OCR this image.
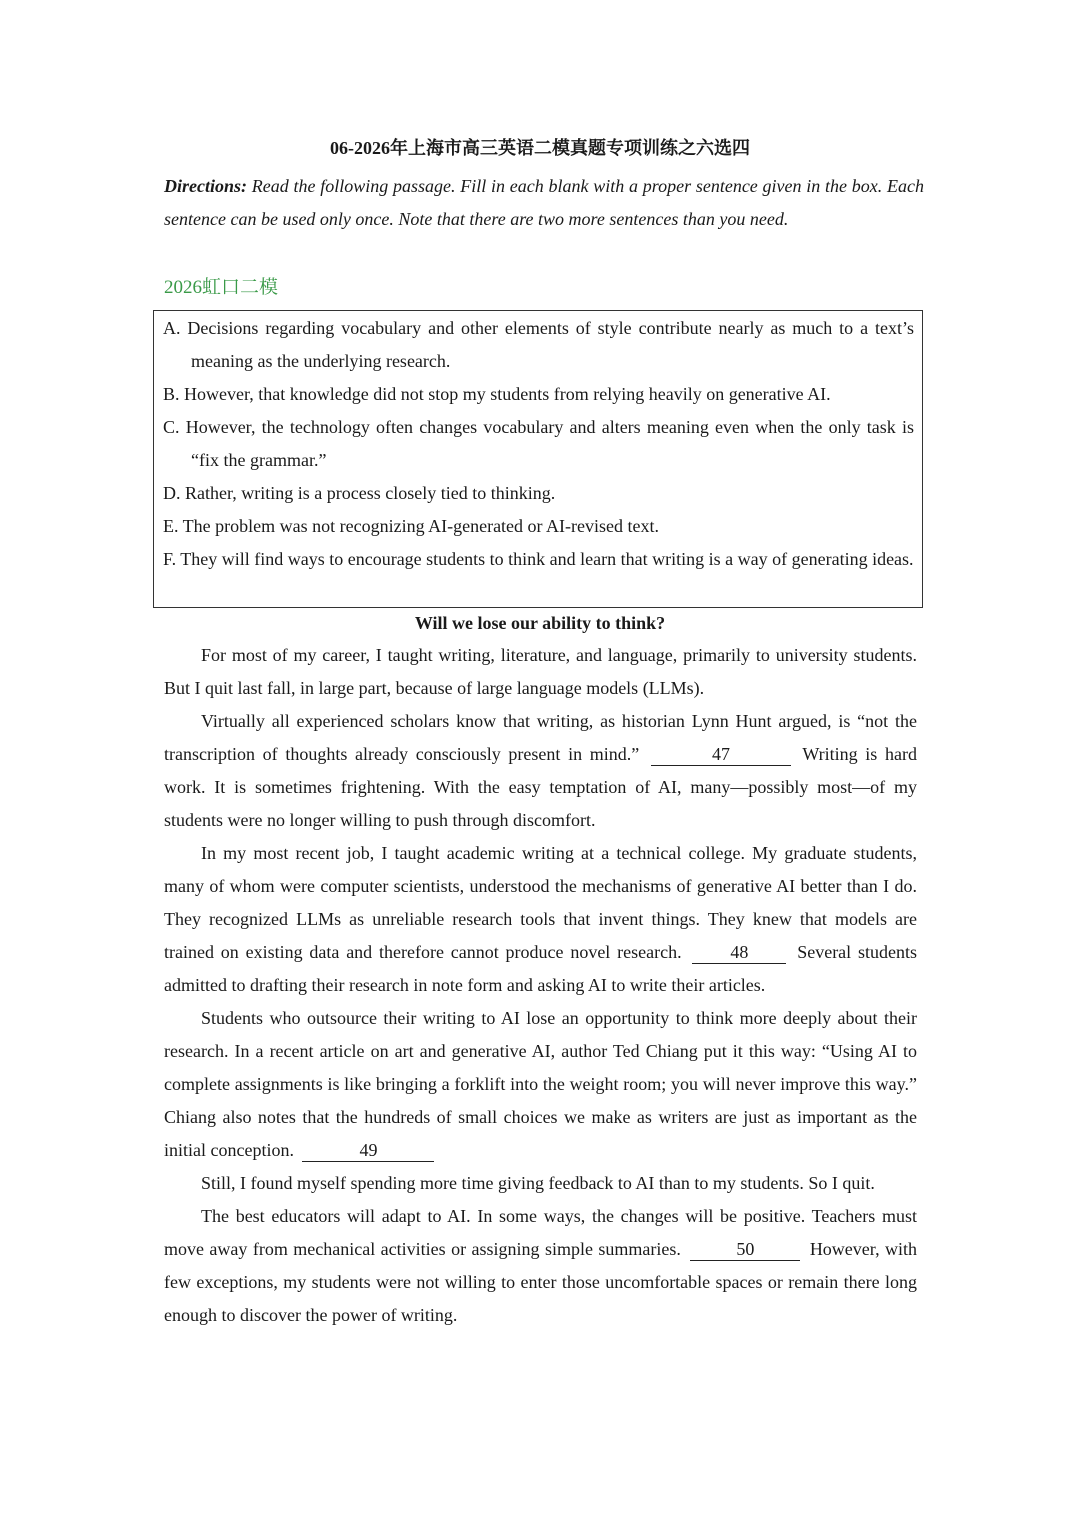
06-2026年上海市高三英语二模真题专项训练之六选四
Directions: Read the following passage. Fill in each blank with a proper sentence given in the box. Each sentence can be used only once. Note that there are two more sentences than you need.
2026虹口二模
A. Decisions regarding vocabulary and other elements of style contribute nearly as much to a text’s meaning as the underlying research.
B. However, that knowledge did not stop my students from relying heavily on generative AI.
C. However, the technology often changes vocabulary and alters meaning even when the only task is “fix the grammar.”
D. Rather, writing is a process closely tied to thinking.
E. The problem was not recognizing AI-generated or AI-revised text.
F. They will find ways to encourage students to think and learn that writing is a way of generating ideas.
Will we lose our ability to think?

For most of my career, I taught writing, literature, and language, primarily to university students. But I quit last fall, in large part, because of large language models (LLMs).

Virtually all experienced scholars know that writing, as historian Lynn Hunt argued, is “not the transcription of thoughts already consciously present in mind.”	47	Writing is hard work. It is sometimes frightening. With the easy temptation of AI, many—possibly most—of my students were no longer willing to push through discomfort.

In my most recent job, I taught academic writing at a technical college. My graduate students, many of whom were computer scientists, understood the mechanisms of generative AI better than I do. They recognized LLMs as unreliable research tools that invent things. They knew that models are trained on existing data and therefore cannot produce novel research.	48	Several students admitted to drafting their research in note form and asking AI to write their articles.

Students who outsource their writing to AI lose an opportunity to think more deeply about their research. In a recent article on art and generative AI, author Ted Chiang put it this way: “Using AI to complete assignments is like bringing a forklift into the weight room; you will never improve this way.” Chiang also notes that the hundreds of small choices we make as writers are just as important as the initial conception.	49

Still, I found myself spending more time giving feedback to AI than to my students. So I quit.

The best educators will adapt to AI. In some ways, the changes will be positive. Teachers must move away from mechanical activities or assigning simple summaries.	50	However, with few exceptions, my students were not willing to enter those uncomfortable spaces or remain there long enough to discover the power of writing.
